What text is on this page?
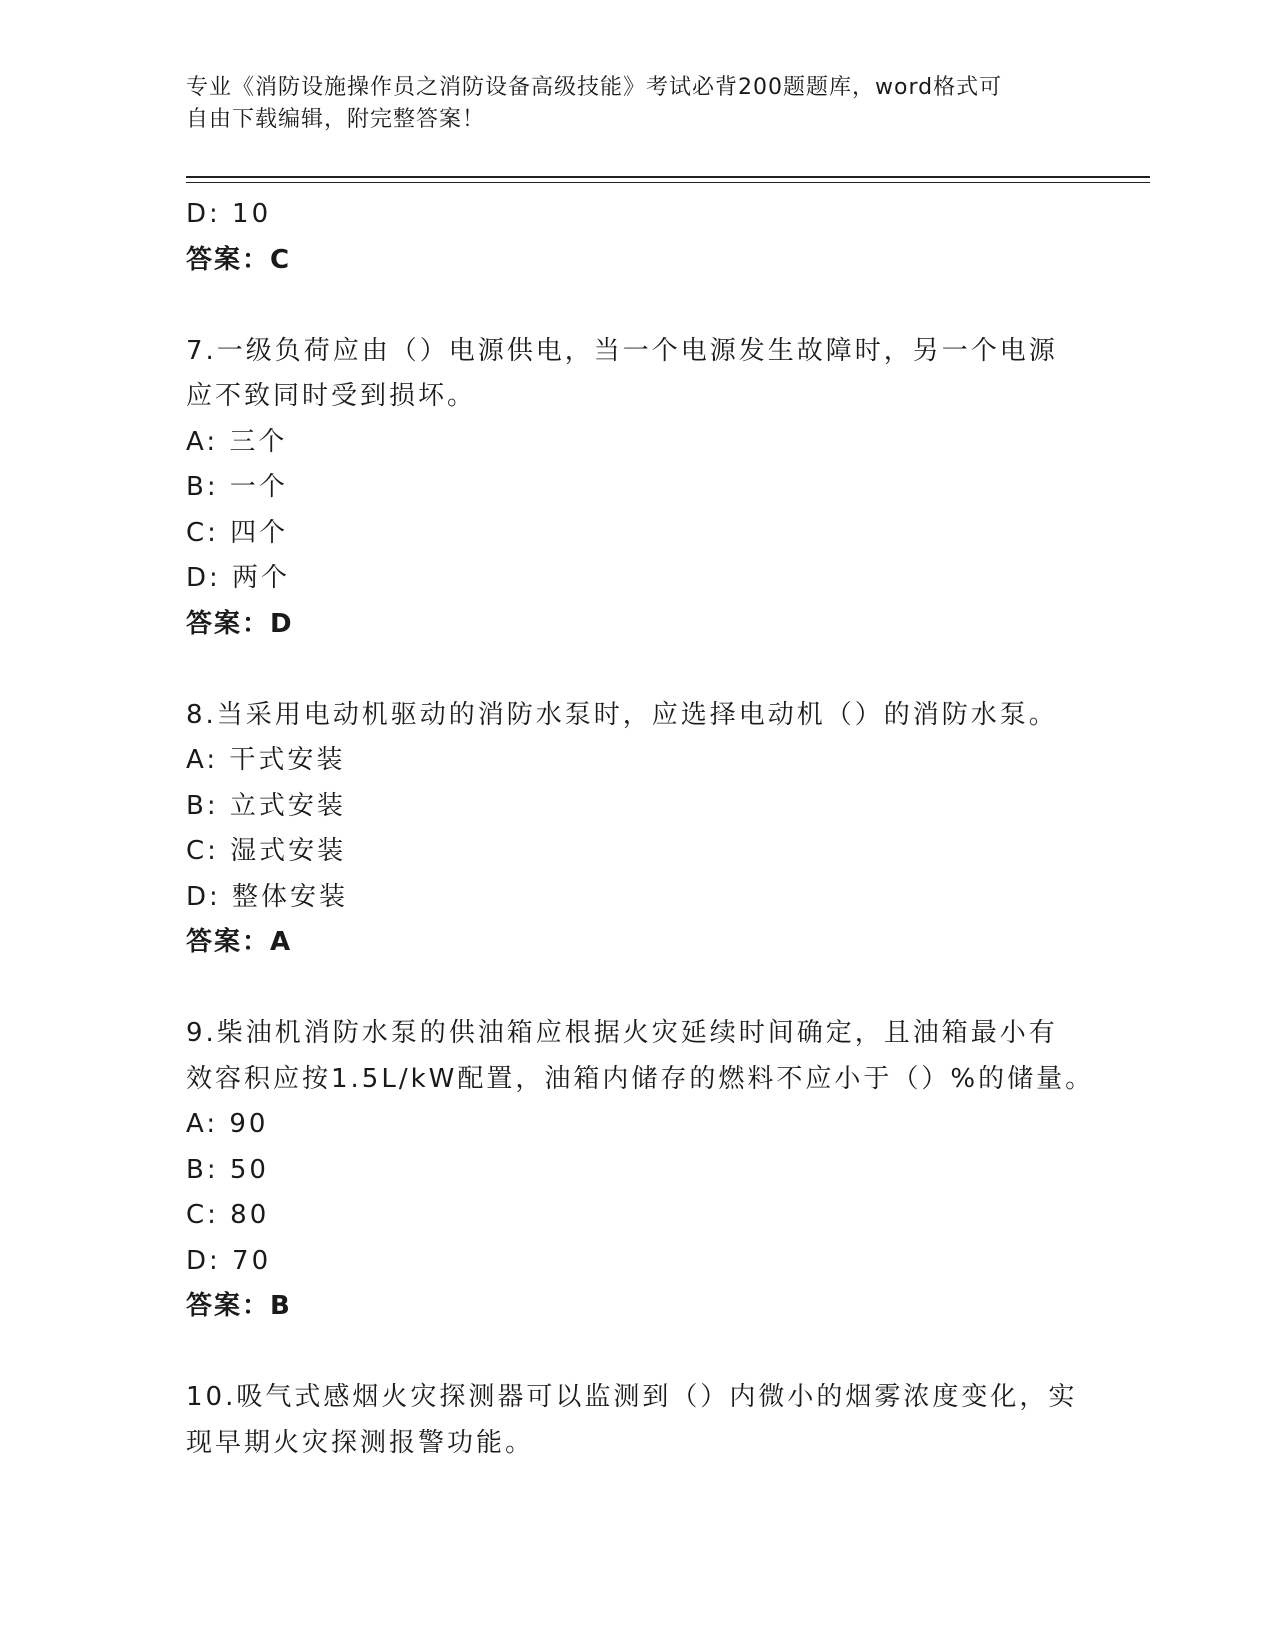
专业《消防设施操作员之消防设备高级技能》考试必背200题题库，word格式可
自由下载编辑，附完整答案！
D: 10
答案：C
7.一级负荷应由（）电源供电，当一个电源发生故障时，另一个电源
应不致同时受到损坏。
A: 三个
B: 一个
C: 四个
D: 两个
答案：D
8.当采用电动机驱动的消防水泵时，应选择电动机（）的消防水泵。
A: 干式安装
B: 立式安装
C: 湿式安装
D: 整体安装
答案：A
9.柴油机消防水泵的供油箱应根据火灾延续时间确定，且油箱最小有
效容积应按1.5L/kW配置，油箱内储存的燃料不应小于（）%的储量。
A: 90
B: 50
C: 80
D: 70
答案：B
10.吸气式感烟火灾探测器可以监测到（）内微小的烟雾浓度变化，实
现早期火灾探测报警功能。
